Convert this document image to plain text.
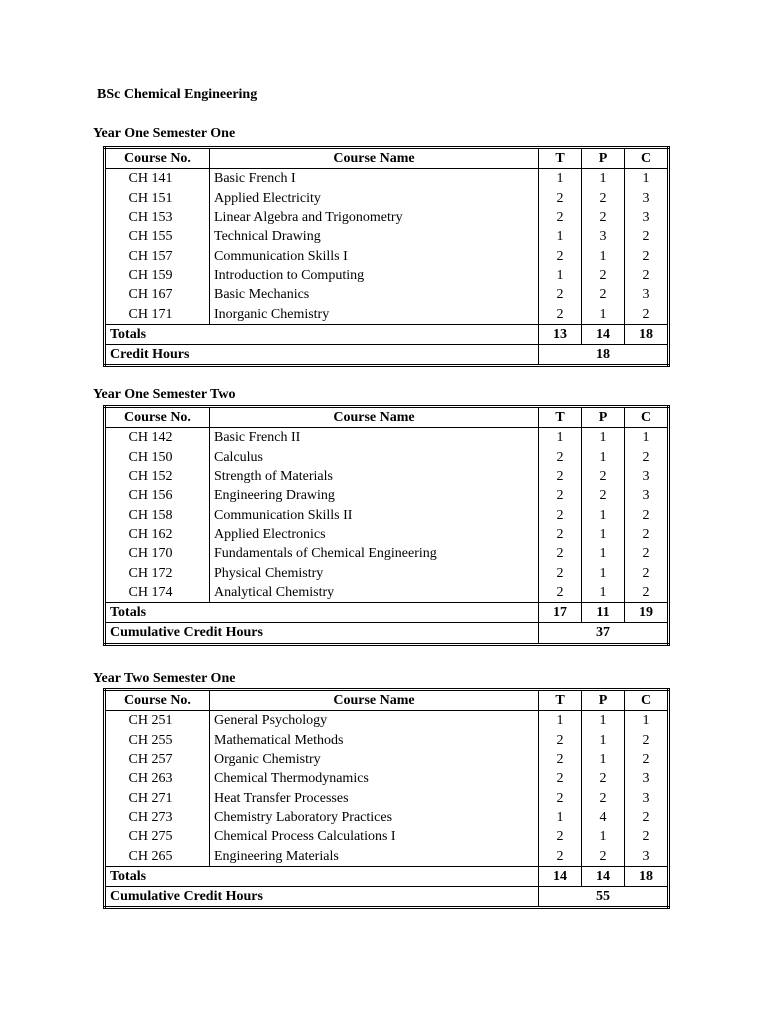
BSc Chemical Engineering
Year One Semester One
Course No.	Course Name	T	P	C
CH 141	Basic French I	1	1	1
CH 151	Applied Electricity	2	2	3
CH 153	Linear Algebra and Trigonometry	2	2	3
CH 155	Technical Drawing	1	3	2
CH 157	Communication Skills I	2	1	2
CH 159	Introduction to Computing	1	2	2
CH 167	Basic Mechanics	2	2	3
CH 171	Inorganic Chemistry	2	1	2
Totals		13	14	18
Credit Hours		18		
Year One Semester Two
Course No.	Course Name	T	P	C
CH 142	Basic French II	1	1	1
CH 150	Calculus	2	1	2
CH 152	Strength of Materials	2	2	3
CH 156	Engineering Drawing	2	2	3
CH 158	Communication Skills II	2	1	2
CH 162	Applied Electronics	2	1	2
CH 170	Fundamentals of Chemical Engineering	2	1	2
CH 172	Physical Chemistry	2	1	2
CH 174	Analytical Chemistry	2	1	2
Totals		17	11	19
Cumulative Credit Hours		37		
Year Two Semester One
Course No.	Course Name	T	P	C
CH 251	General Psychology	1	1	1
CH 255	Mathematical Methods	2	1	2
CH 257	Organic Chemistry	2	1	2
CH 263	Chemical Thermodynamics	2	2	3
CH 271	Heat Transfer Processes	2	2	3
CH 273	Chemistry Laboratory Practices	1	4	2
CH 275	Chemical Process Calculations I	2	1	2
CH 265	Engineering Materials	2	2	3
Totals		14	14	18
Cumulative Credit Hours		55		
